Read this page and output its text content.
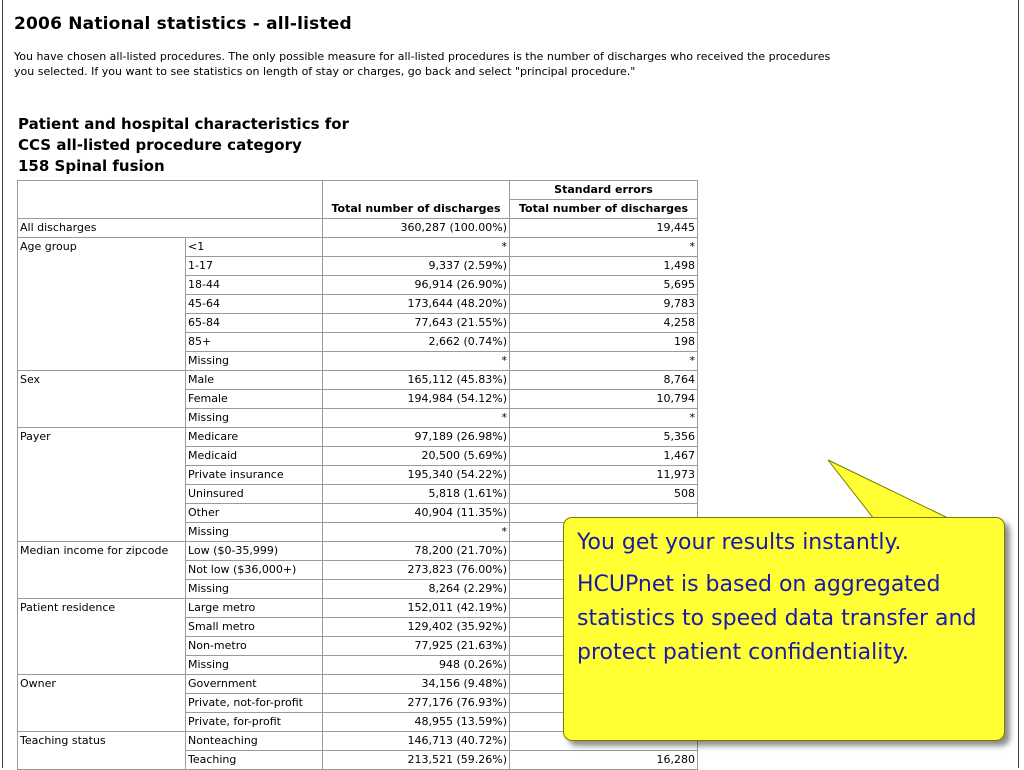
2006 National statistics - all-listed

You have chosen all-listed procedures. The only possible measure for all-listed procedures is the number of discharges who received the procedures you selected. If you want to see statistics on length of stay or charges, go back and select "principal procedure."

Patient and hospital characteristics for
CCS all-listed procedure category
158 Spinal fusion
		Total number of discharges	Standard errors
			Total number of discharges
All discharges		360,287 (100.00%)	19,445
Age group	<1	*	*
	1-17	9,337 (2.59%)	1,498
	18-44	96,914 (26.90%)	5,695
	45-64	173,644 (48.20%)	9,783
	65-84	77,643 (21.55%)	4,258
	85+	2,662 (0.74%)	198
	Missing	*	*
Sex	Male	165,112 (45.83%)	8,764
	Female	194,984 (54.12%)	10,794
	Missing	*	*
Payer	Medicare	97,189 (26.98%)	5,356
	Medicaid	20,500 (5.69%)	1,467
	Private insurance	195,340 (54.22%)	11,973
	Uninsured	5,818 (1.61%)	508
	Other	40,904 (11.35%)	
	Missing	*	
Median income for zipcode	Low ($0-35,999)	78,200 (21.70%)	
	Not low ($36,000+)	273,823 (76.00%)	
	Missing	8,264 (2.29%)	
Patient residence	Large metro	152,011 (42.19%)	
	Small metro	129,402 (35.92%)	
	Non-metro	77,925 (21.63%)	
	Missing	948 (0.26%)	
Owner	Government	34,156 (9.48%)	
	Private, not-for-profit	277,176 (76.93%)	
	Private, for-profit	48,955 (13.59%)	
Teaching status	Nonteaching	146,713 (40.72%)	
	Teaching	213,521 (59.26%)	16,280

You get your results instantly.

HCUPnet is based on aggregated statistics to speed data transfer and protect patient confidentiality.
